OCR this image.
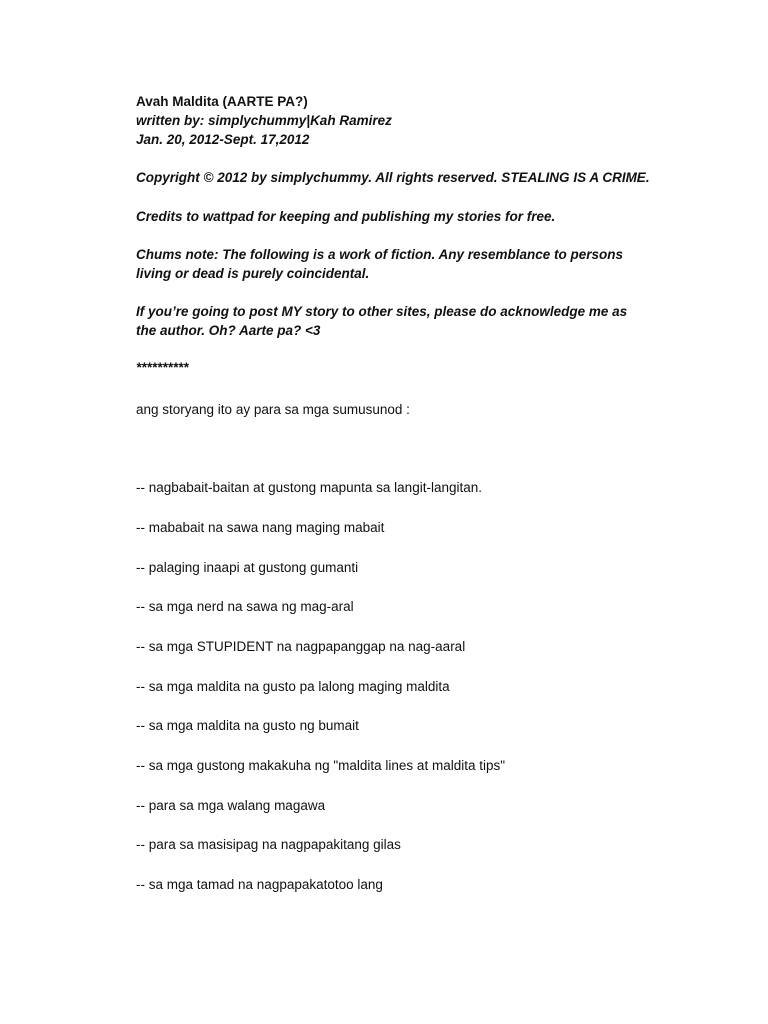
Avah Maldita (AARTE PA?)
written by: simplychummy|Kah Ramirez
Jan. 20, 2012-Sept. 17,2012
Copyright © 2012 by simplychummy. All rights reserved. STEALING IS A CRIME.
Credits to wattpad for keeping and publishing my stories for free.
Chums note: The following is a work of fiction. Any resemblance to persons
living or dead is purely coincidental.
If you’re going to post MY story to other sites, please do acknowledge me as
the author. Oh? Aarte pa? <3
**********
ang storyang ito ay para sa mga sumusunod :
-- nagbabait-baitan at gustong mapunta sa langit-langitan.
-- mababait na sawa nang maging mabait
-- palaging inaapi at gustong gumanti
-- sa mga nerd na sawa ng mag-aral
-- sa mga STUPIDENT na nagpapanggap na nag-aaral
-- sa mga maldita na gusto pa lalong maging maldita
-- sa mga maldita na gusto ng bumait
-- sa mga gustong makakuha ng "maldita lines at maldita tips"
-- para sa mga walang magawa
-- para sa masisipag na nagpapakitang gilas
-- sa mga tamad na nagpapakatotoo lang
